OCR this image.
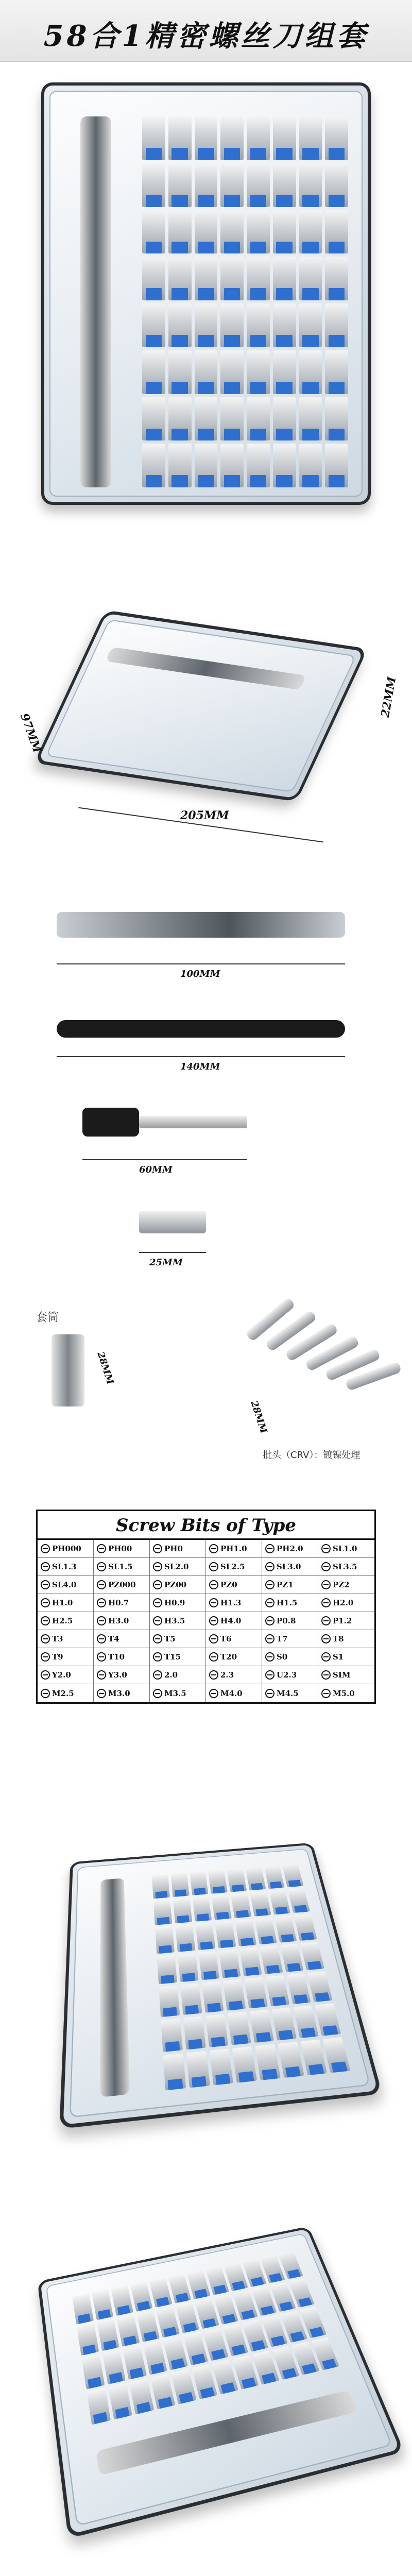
58合1精密螺丝刀组套
205MM
97MM
22MM
100MM
140MM
60MM
25MM
套筒
28MM
28MM
批头（CRV）：镀镍处理
Screw Bits of Type
PH000	PH00	PH0	PH1.0	PH2.0	SL1.0
SL1.3	SL1.5	SL2.0	SL2.5	SL3.0	SL3.5
SL4.0	PZ000	PZ00	PZ0	PZ1	PZ2
H1.0	H0.7	H0.9	H1.3	H1.5	H2.0
H2.5	H3.0	H3.5	H4.0	P0.8	P1.2
T3	T4	T5	T6	T7	T8
T9	T10	T15	T20	S0	S1
Y2.0	Y3.0	2.0	2.3	U2.3	SIM
M2.5	M3.0	M3.5	M4.0	M4.5	M5.0
